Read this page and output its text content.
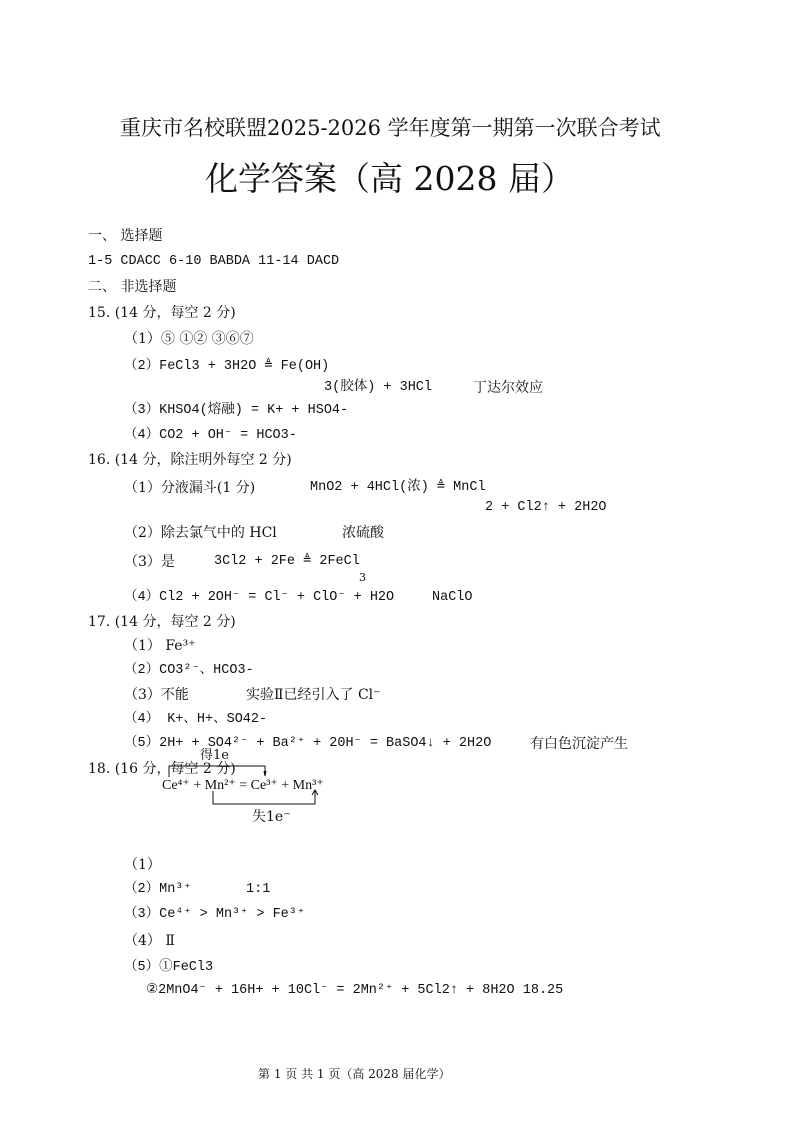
重庆市名校联盟2025-2026 学年度第一期第一次联合考试
化学答案（高 2028 届）
一、 选择题
1-5 CDACC 6-10 BABDA 11-14 DACD
二、 非选择题
15. (14 分，每空 2 分)
（1）⑤ ①② ③⑥⑦
（2）FeCl3 + 3H2O ≜ Fe(OH)
3(胶体) + 3HCl	丁达尔效应
（3）KHSO4(熔融) = K+ + HSO4-
（4）CO2 + OH⁻ = HCO3-
16. (14 分，除注明外每空 2 分)
（1）分液漏斗(1 分)	MnO2 + 4HCl(浓) ≜ MnCl
2 + Cl2↑ + 2H2O
（2）除去氯气中的 HCl	浓硫酸
（3）是	3Cl2 + 2Fe ≜ 2FeCl
3
（4）Cl2 + 2OH⁻ = Cl⁻ + ClO⁻ + H2O	NaClO
17. (14 分，每空 2 分)
（1） Fe³⁺
（2）CO3²⁻、HCO3-
（3）不能	实验Ⅱ已经引入了 Cl⁻
（4） K+、H+、SO42-
（5）2H+ + SO4²⁻ + Ba²⁺ + 20H⁻ = BaSO4↓ + 2H2O	有白色沉淀产生
18. (16 分，每空 2 分)
得1e
Ce⁴⁺ + Mn²⁺ = Ce³⁺ + Mn³⁺
失1e⁻
（1）
（2）Mn³⁺	1:1
（3）Ce⁴⁺ > Mn³⁺ > Fe³⁺
（4） Ⅱ
（5）①FeCl3
②2MnO4⁻ + 16H+ + 10Cl⁻ = 2Mn²⁺ + 5Cl2↑ + 8H2O 18.25
第 1 页 共 1 页（高 2028 届化学）
